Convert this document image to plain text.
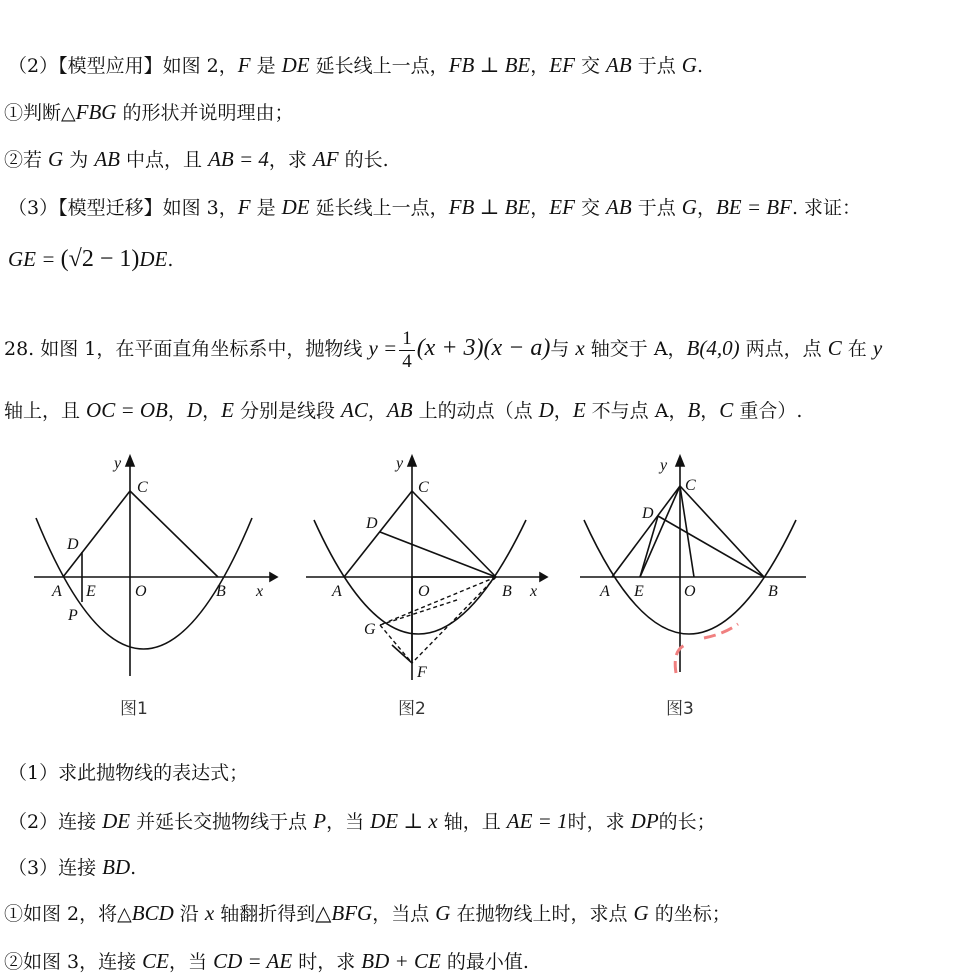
（2）【模型应用】如图 2，F 是 DE 延长线上一点，FB ⊥ BE，EF 交 AB 于点 G.
①判断△FBG 的形状并说明理由；
②若 G 为 AB 中点，且 AB = 4，求 AF 的长.
（3）【模型迁移】如图 3，F 是 DE 延长线上一点，FB ⊥ BE，EF 交 AB 于点 G，BE = BF. 求证：
GE = (√2 − 1)DE.
28. 如图 1，在平面直角坐标系中，抛物线 $y = \frac{1}{4} (x + 3)(x - a)$与 x 轴交于 A，B(4,0) 两点，点 C 在 y
轴上，且 OC = OB，D，E 分别是线段 AC，AB 上的动点（点 D，E 不与点 A，B，C 重合）.
y
C
D
A E O	B x
P
图1
y
C
D
A	O	B x
G
F
图2
y
C
D
A E	O	B
图3
（1）求此抛物线的表达式；
（2）连接 DE 并延长交抛物线于点 P，当 DE ⊥ x 轴，且 AE = 1时，求 DP的长；
（3）连接 BD.
①如图 2，将△BCD 沿 x 轴翻折得到△BFG，当点 G 在抛物线上时，求点 G 的坐标；
②如图 3，连接 CE，当 CD = AE 时，求 BD + CE 的最小值.
